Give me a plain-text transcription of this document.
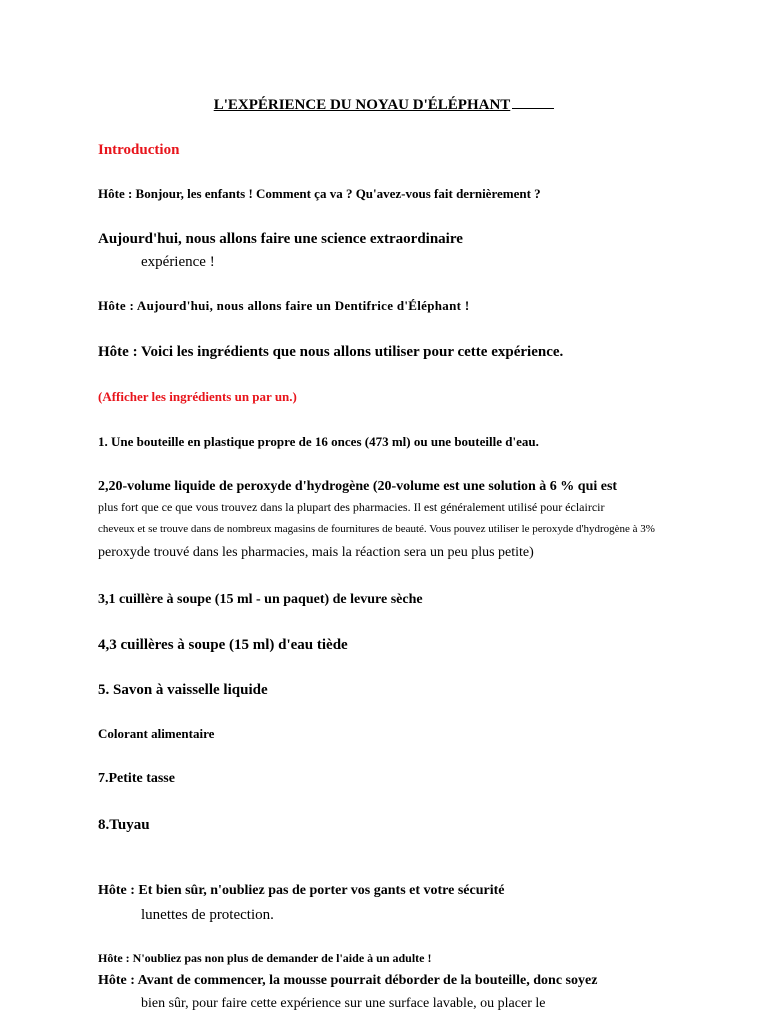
L'EXPÉRIENCE DU NOYAU D'ÉLÉPHANT
Introduction
Hôte : Bonjour, les enfants ! Comment ça va ? Qu'avez-vous fait dernièrement ?
Aujourd'hui, nous allons faire une science extraordinaire
expérience !
Hôte : Aujourd'hui, nous allons faire un Dentifrice d'Éléphant !
Hôte : Voici les ingrédients que nous allons utiliser pour cette expérience.
(Afficher les ingrédients un par un.)
1. Une bouteille en plastique propre de 16 onces (473 ml) ou une bouteille d'eau.
2,20-volume liquide de peroxyde d'hydrogène (20-volume est une solution à 6 % qui est
plus fort que ce que vous trouvez dans la plupart des pharmacies. Il est généralement utilisé pour éclaircir
cheveux et se trouve dans de nombreux magasins de fournitures de beauté. Vous pouvez utiliser le peroxyde d'hydrogène à 3%
peroxyde trouvé dans les pharmacies, mais la réaction sera un peu plus petite)
3,1 cuillère à soupe (15 ml - un paquet) de levure sèche
4,3 cuillères à soupe (15 ml) d'eau tiède
5. Savon à vaisselle liquide
Colorant alimentaire
7.Petite tasse
8.Tuyau
Hôte : Et bien sûr, n'oubliez pas de porter vos gants et votre sécurité
lunettes de protection.
Hôte : N'oubliez pas non plus de demander de l'aide à un adulte !
Hôte : Avant de commencer, la mousse pourrait déborder de la bouteille, donc soyez
bien sûr, pour faire cette expérience sur une surface lavable, ou placer le
